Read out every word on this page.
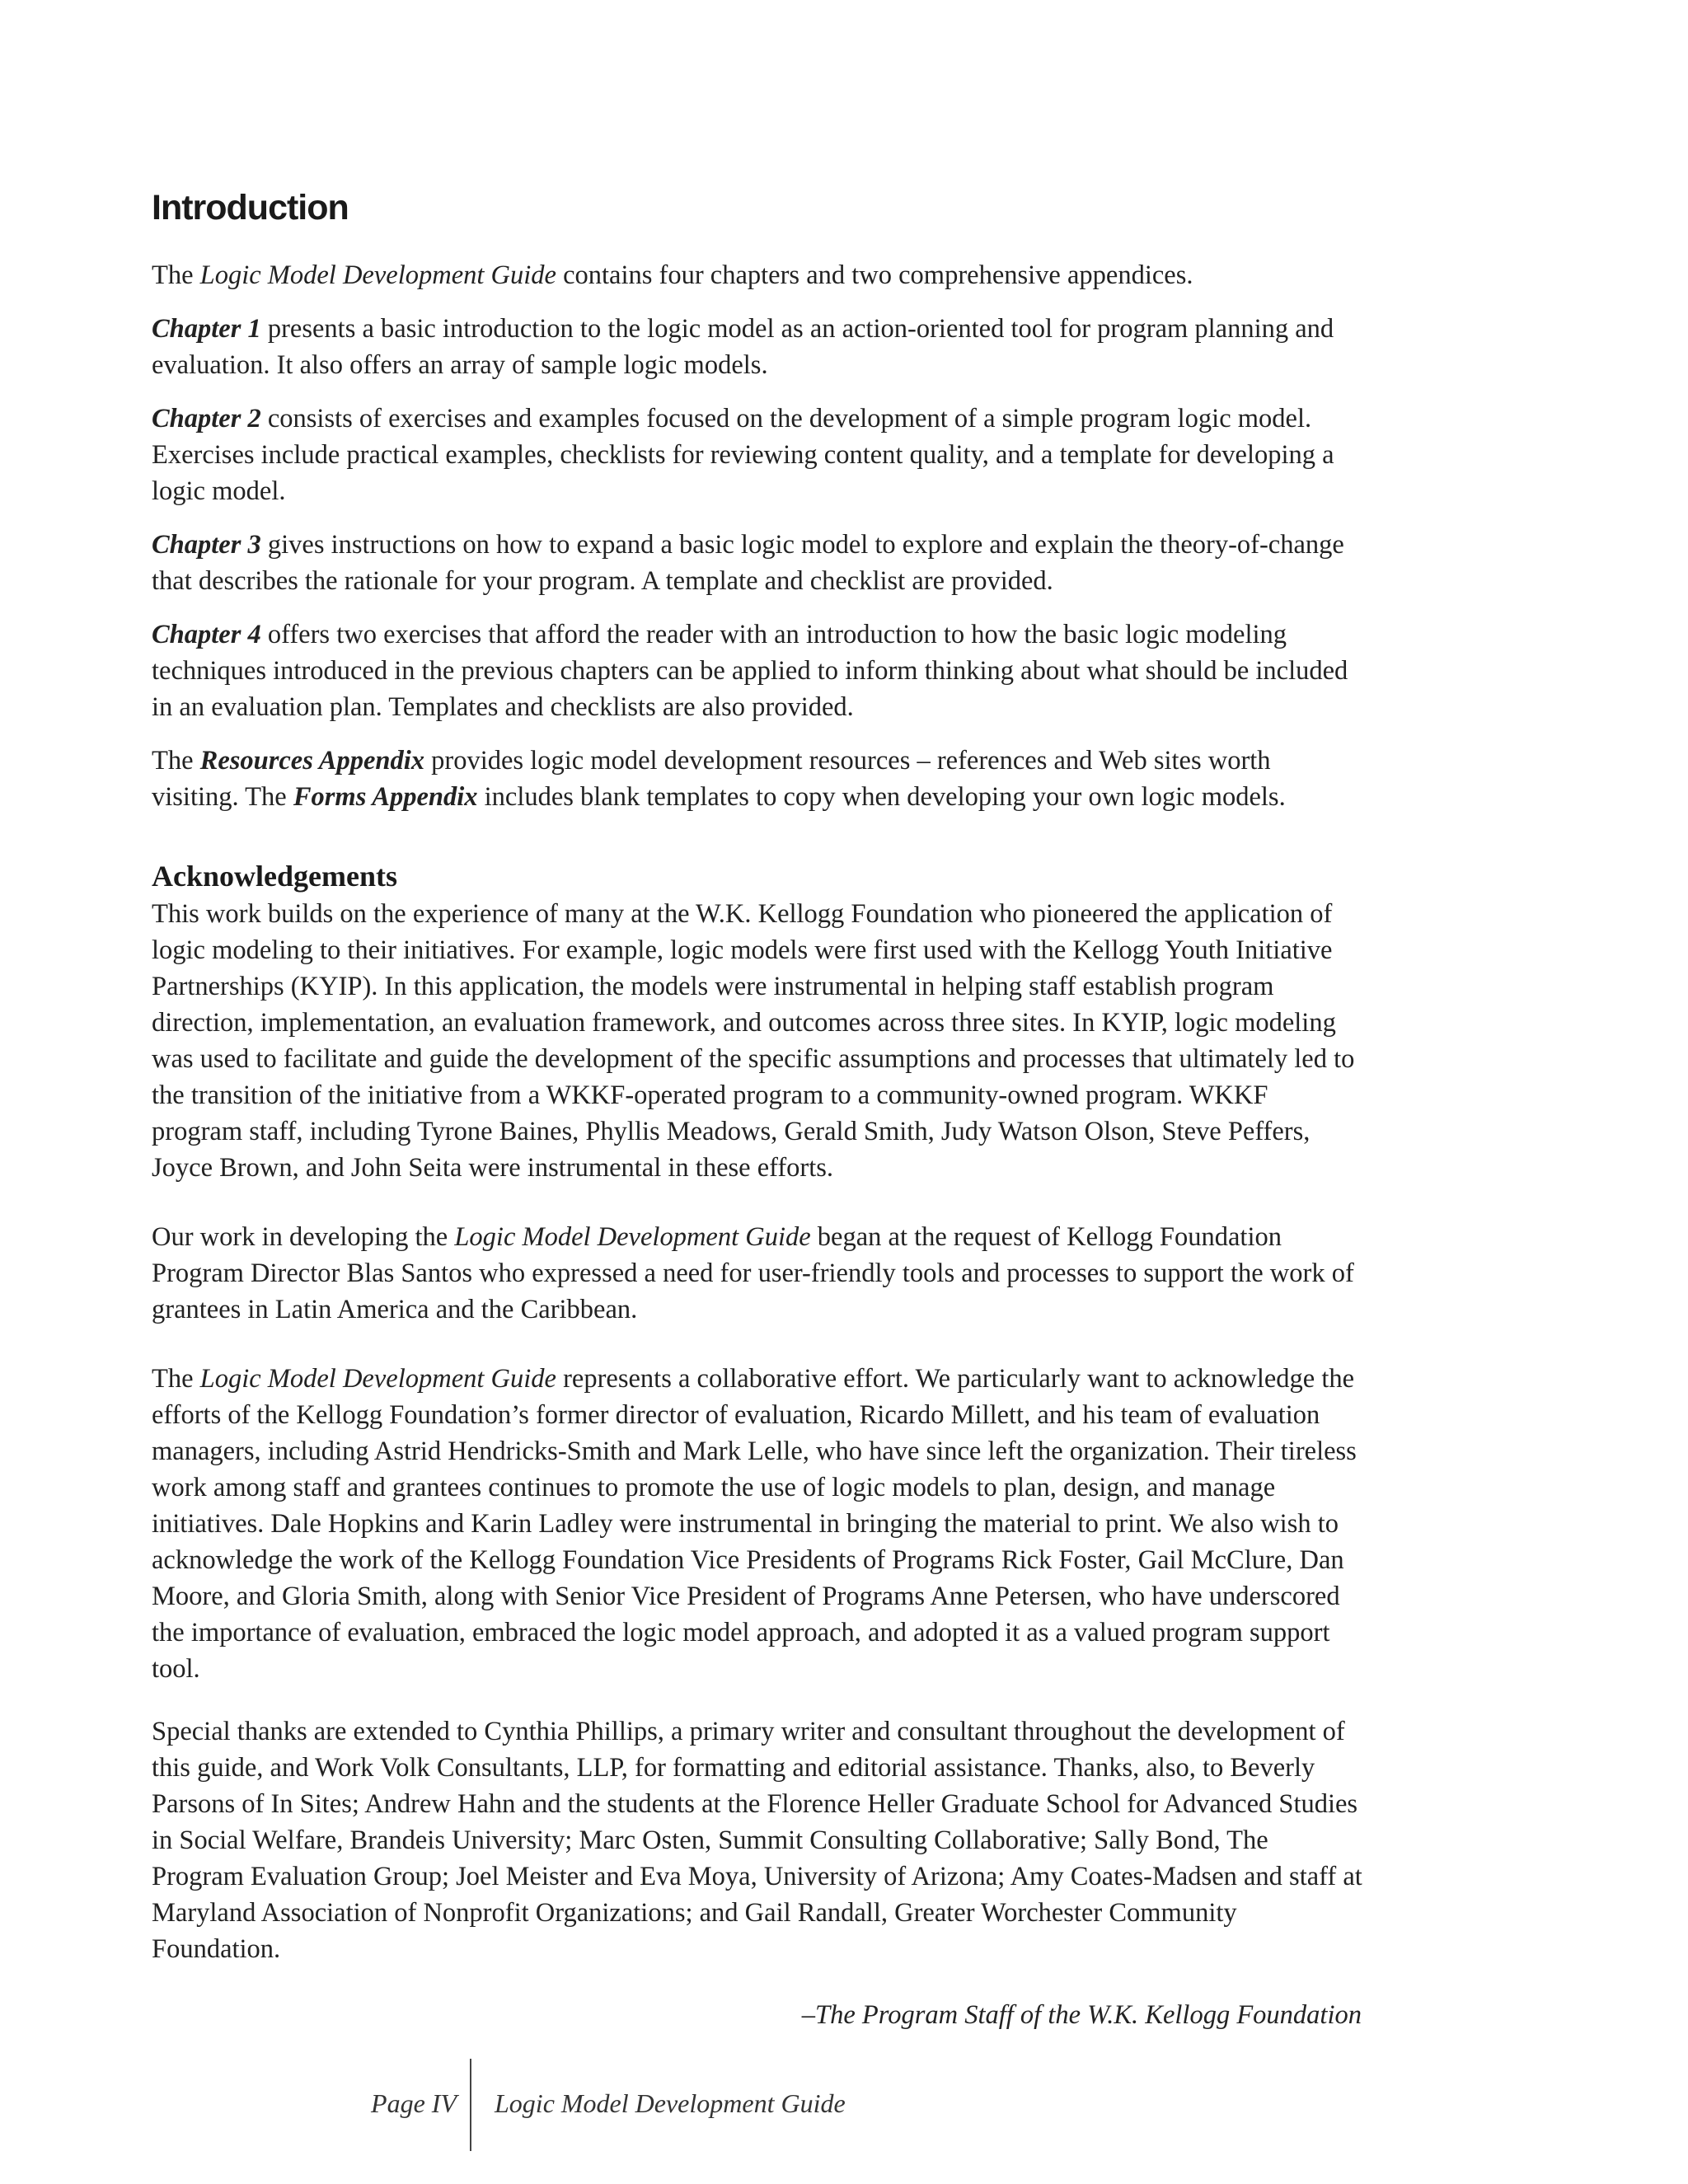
Introduction

The Logic Model Development Guide contains four chapters and two comprehensive appendices.

Chapter 1 presents a basic introduction to the logic model as an action-oriented tool for program planning and evaluation. It also offers an array of sample logic models.

Chapter 2 consists of exercises and examples focused on the development of a simple program logic model. Exercises include practical examples, checklists for reviewing content quality, and a template for developing a logic model.

Chapter 3 gives instructions on how to expand a basic logic model to explore and explain the theory-of-change that describes the rationale for your program. A template and checklist are provided.

Chapter 4 offers two exercises that afford the reader with an introduction to how the basic logic modeling techniques introduced in the previous chapters can be applied to inform thinking about what should be included in an evaluation plan. Templates and checklists are also provided.

The Resources Appendix provides logic model development resources – references and Web sites worth visiting. The Forms Appendix includes blank templates to copy when developing your own logic models.

Acknowledgements

This work builds on the experience of many at the W.K. Kellogg Foundation who pioneered the application of logic modeling to their initiatives. For example, logic models were first used with the Kellogg Youth Initiative Partnerships (KYIP). In this application, the models were instrumental in helping staff establish program direction, implementation, an evaluation framework, and outcomes across three sites. In KYIP, logic modeling was used to facilitate and guide the development of the specific assumptions and processes that ultimately led to the transition of the initiative from a WKKF-operated program to a community-owned program. WKKF program staff, including Tyrone Baines, Phyllis Meadows, Gerald Smith, Judy Watson Olson, Steve Peffers, Joyce Brown, and John Seita were instrumental in these efforts.

Our work in developing the Logic Model Development Guide began at the request of Kellogg Foundation Program Director Blas Santos who expressed a need for user-friendly tools and processes to support the work of grantees in Latin America and the Caribbean.

The Logic Model Development Guide represents a collaborative effort. We particularly want to acknowledge the efforts of the Kellogg Foundation’s former director of evaluation, Ricardo Millett, and his team of evaluation managers, including Astrid Hendricks-Smith and Mark Lelle, who have since left the organization. Their tireless work among staff and grantees continues to promote the use of logic models to plan, design, and manage initiatives. Dale Hopkins and Karin Ladley were instrumental in bringing the material to print. We also wish to acknowledge the work of the Kellogg Foundation Vice Presidents of Programs Rick Foster, Gail McClure, Dan Moore, and Gloria Smith, along with Senior Vice President of Programs Anne Petersen, who have underscored the importance of evaluation, embraced the logic model approach, and adopted it as a valued program support tool.

Special thanks are extended to Cynthia Phillips, a primary writer and consultant throughout the development of this guide, and Work Volk Consultants, LLP, for formatting and editorial assistance. Thanks, also, to Beverly Parsons of In Sites; Andrew Hahn and the students at the Florence Heller Graduate School for Advanced Studies in Social Welfare, Brandeis University; Marc Osten, Summit Consulting Collaborative; Sally Bond, The Program Evaluation Group; Joel Meister and Eva Moya, University of Arizona; Amy Coates-Madsen and staff at Maryland Association of Nonprofit Organizations; and Gail Randall, Greater Worchester Community Foundation.

–The Program Staff of the W.K. Kellogg Foundation
Page IV Logic Model Development Guide
